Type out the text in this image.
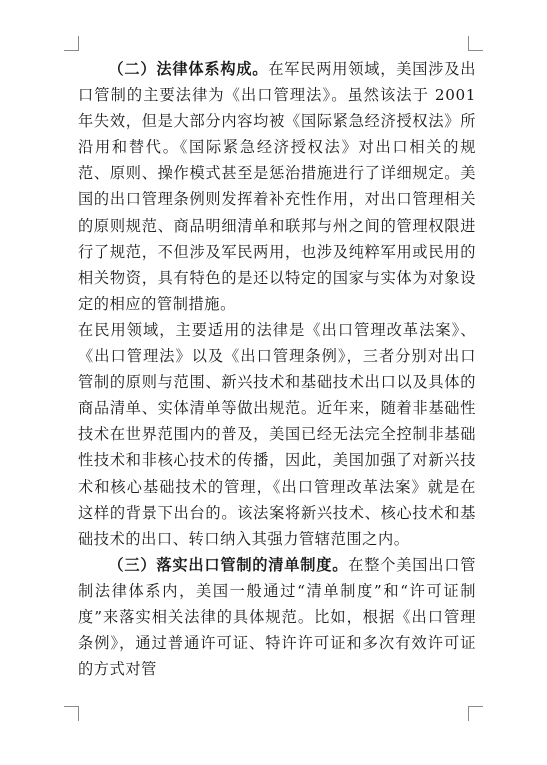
（二）法律体系构成。在军民两用领域，美国涉及出口管制的主要法律为《出口管理法》。虽然该法于 2001 年失效，但是大部分内容均被《国际紧急经济授权法》所沿用和替代。《国际紧急经济授权法》对出口相关的规范、原则、操作模式甚至是惩治措施进行了详细规定。美国的出口管理条例则发挥着补充性作用，对出口管理相关的原则规范、商品明细清单和联邦与州之间的管理权限进行了规范，不但涉及军民两用，也涉及纯粹军用或民用的相关物资，具有特色的是还以特定的国家与实体为对象设定的相应的管制措施。

在民用领域，主要适用的法律是《出口管理改革法案》、《出口管理法》以及《出口管理条例》，三者分别对出口管制的原则与范围、新兴技术和基础技术出口以及具体的商品清单、实体清单等做出规范。近年来，随着非基础性技术在世界范围内的普及，美国已经无法完全控制非基础性技术和非核心技术的传播，因此，美国加强了对新兴技术和核心基础技术的管理，《出口管理改革法案》就是在这样的背景下出台的。该法案将新兴技术、核心技术和基础技术的出口、转口纳入其强力管辖范围之内。

（三）落实出口管制的清单制度。在整个美国出口管制法律体系内，美国一般通过“清单制度”和“许可证制度”来落实相关法律的具体规范。比如，根据《出口管理条例》，通过普通许可证、特许许可证和多次有效许可证的方式对管
